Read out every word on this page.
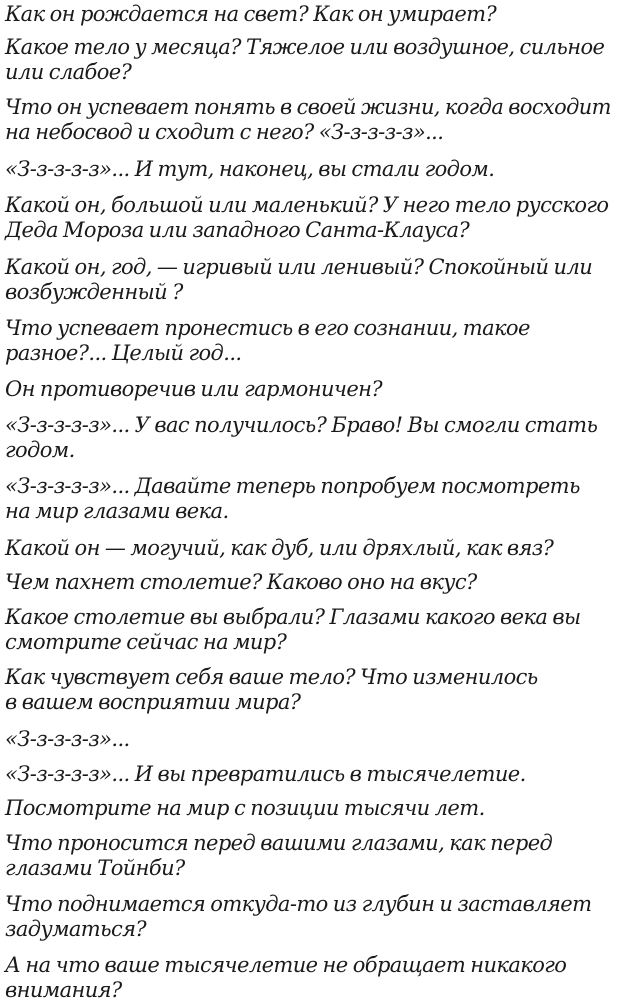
Как он рождается на свет? Как он умирает?

Какое тело у месяца? Тяжелое или воздушное, сильное
или слабое?

Что он успевает понять в своей жизни, когда восходит
на небосвод и сходит с него? «З-з-з-з-з»...

«З-з-з-з-з»... И тут, наконец, вы стали годом.

Какой он, большой или маленький? У него тело русского
Деда Мороза или западного Санта-Клауса?

Какой он, год, — игривый или ленивый? Спокойный или
возбужденный ?

Что успевает пронестись в его сознании, такое
разное?... Целый год...

Он противоречив или гармоничен?

«З-з-з-з-з»... У вас получилось? Браво! Вы смогли стать
годом.

«З-з-з-з-з»... Давайте теперь попробуем посмотреть
на мир глазами века.

Какой он — могучий, как дуб, или дряхлый, как вяз?

Чем пахнет столетие? Каково оно на вкус?

Какое столетие вы выбрали? Глазами какого века вы
смотрите сейчас на мир?

Как чувствует себя ваше тело? Что изменилось
в вашем восприятии мира?

«З-з-з-з-з»...

«З-з-з-з-з»... И вы превратились в тысячелетие.

Посмотрите на мир с позиции тысячи лет.

Что проносится перед вашими глазами, как перед
глазами Тойнби?

Что поднимается откуда-то из глубин и заставляет
задуматься?

А на что ваше тысячелетие не обращает никакого
внимания?
